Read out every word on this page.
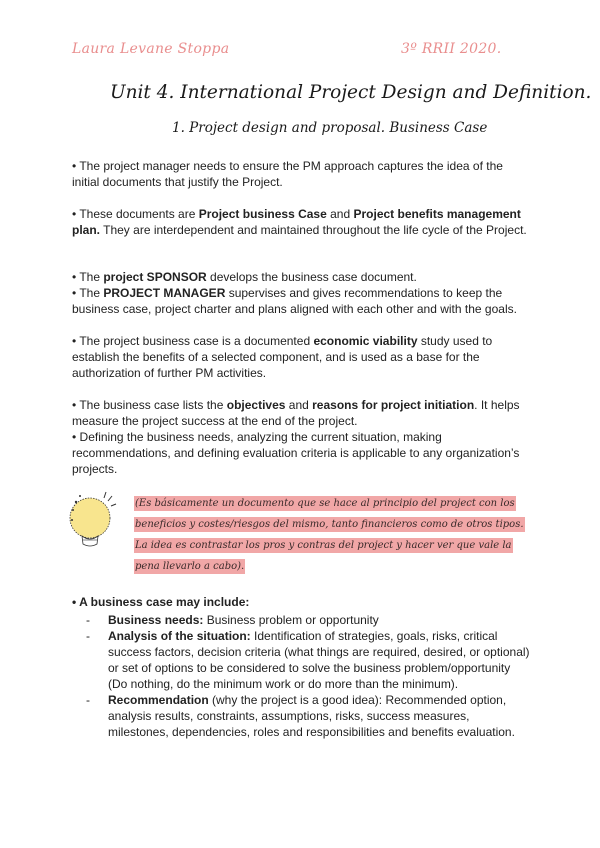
Laura Levane Stoppa	3º RRII 2020.
Unit 4. International Project Design and Definition.
1. Project design and proposal. Business Case

• The project manager needs to ensure the PM approach captures the idea of the initial documents that justify the Project.

• These documents are Project business Case and Project benefits management plan. They are interdependent and maintained throughout the life cycle of the Project.

• The project SPONSOR develops the business case document.

• The PROJECT MANAGER supervises and gives recommendations to keep the business case, project charter and plans aligned with each other and with the goals.

• The project business case is a documented economic viability study used to establish the benefits of a selected component, and is used as a base for the authorization of further PM activities.

• The business case lists the objectives and reasons for project initiation. It helps measure the project success at the end of the project.

• Defining the business needs, analyzing the current situation, making recommendations, and defining evaluation criteria is applicable to any organization’s projects.

(Es básicamente un documento que se hace al principio del project con los beneficios y costes/riesgos del mismo, tanto financieros como de otros tipos. La idea es contrastar los pros y contras del project y hacer ver que vale la pena llevarlo a cabo).
• A business case may include:
- Business needs: Business problem or opportunity
- Analysis of the situation: Identification of strategies, goals, risks, critical success factors, decision criteria (what things are required, desired, or optional) or set of options to be considered to solve the business problem/opportunity (Do nothing, do the minimum work or do more than the minimum).
- Recommendation (why the project is a good idea): Recommended option, analysis results, constraints, assumptions, risks, success measures, milestones, dependencies, roles and responsibilities and benefits evaluation.
